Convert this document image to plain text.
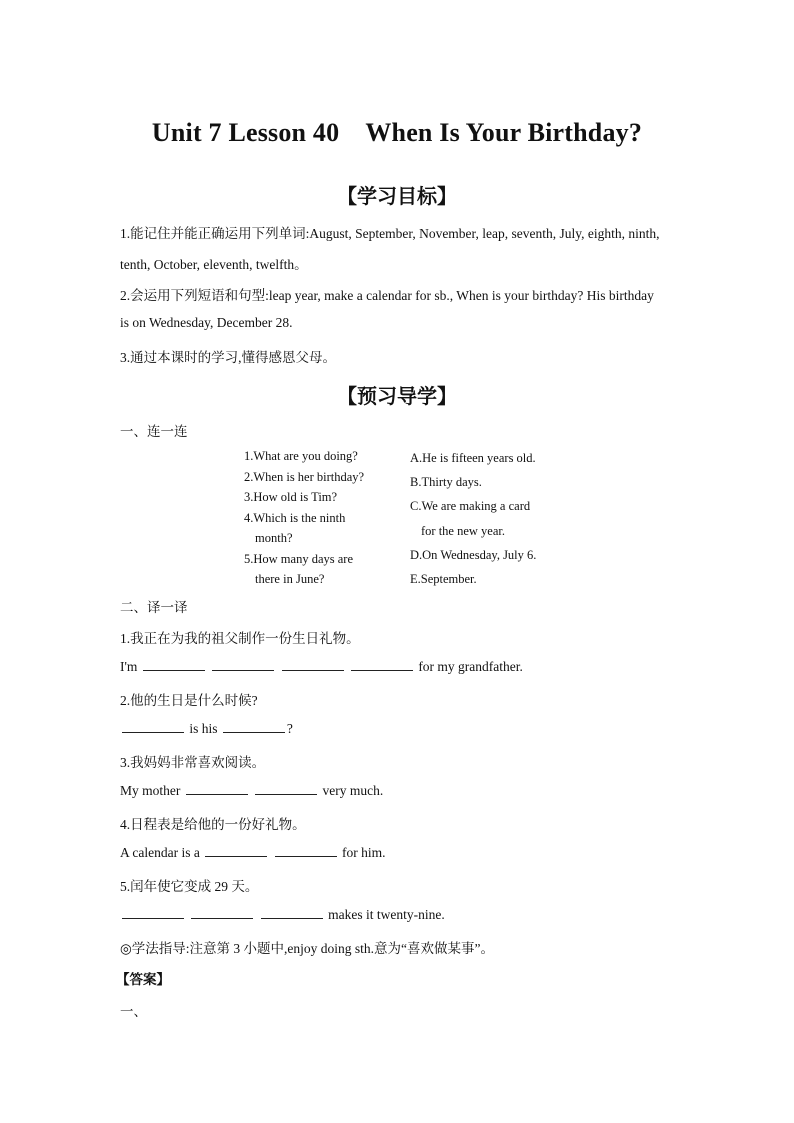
Unit 7 Lesson 40 When Is Your Birthday?
【学习目标】
1.能记住并能正确运用下列单词:August, September, November, leap, seventh, July, eighth, ninth,
tenth, October, eleventh, twelfth。
2.会运用下列短语和句型:leap year, make a calendar for sb., When is your birthday? His birthday
is on Wednesday, December 28.
3.通过本课时的学习,懂得感恩父母。
【预习导学】
一、连一连
1.What are you doing?
2.When is her birthday?
3.How old is Tim?
4.Which is the ninth
month?
5.How many days are
there in June?
A.He is fifteen years old.
B.Thirty days.
C.We are making a card
for the new year.
D.On Wednesday, July 6.
E.September.
二、译一译
1.我正在为我的祖父制作一份生日礼物。
I'm	for my grandfather.
2.他的生日是什么时候?
is his	?
3.我妈妈非常喜欢阅读。
My mother	very much.
4.日程表是给他的一份好礼物。
A calendar is a	for him.
5.闰年使它变成 29 天。
makes it twenty-nine.
◎学法指导:注意第 3 小题中,enjoy doing sth.意为“喜欢做某事”。
【答案】
一、
